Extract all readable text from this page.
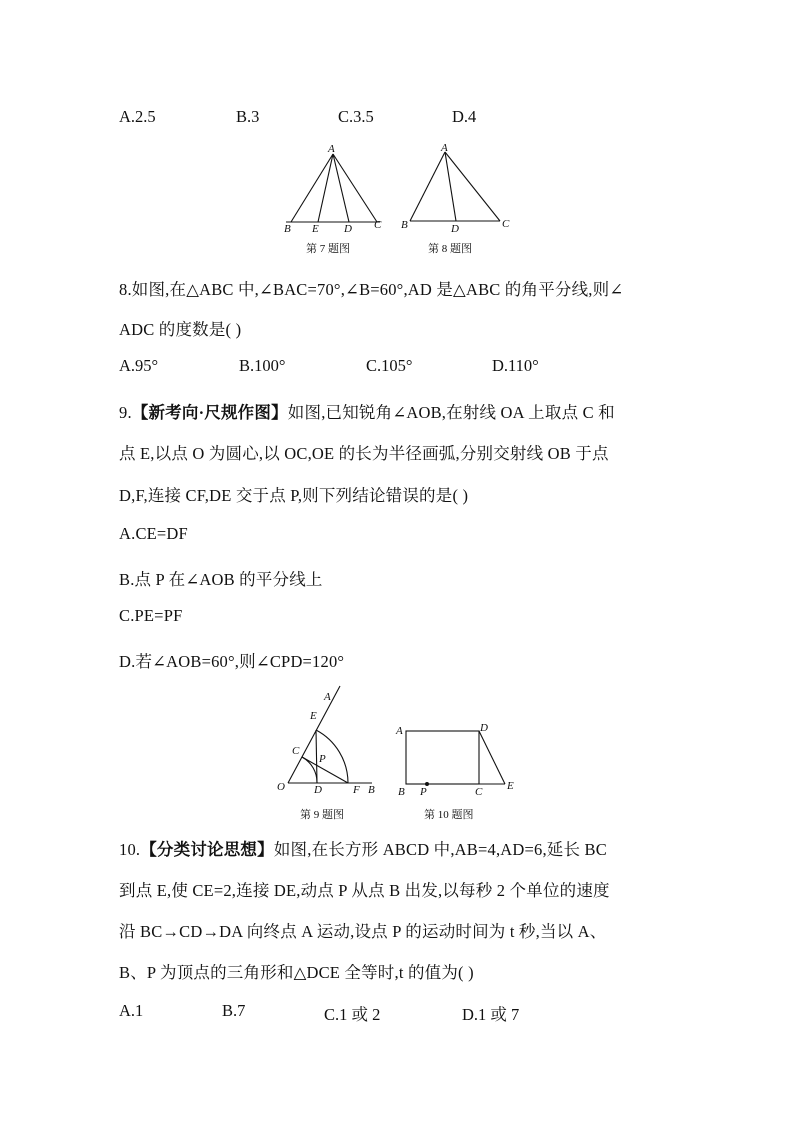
A.2.5	B.3	C.3.5	D.4
A
B E D C
第 7 题图
A
B	D	C
第 8 题图
8.如图,在△ABC 中,∠BAC=70°,∠B=60°,AD 是△ABC 的角平分线,则∠
ADC 的度数是( )
A.95°	B.100°	C.105°	D.110°
9.【新考向·尺规作图】如图,已知锐角∠AOB,在射线 OA 上取点 C 和
点 E,以点 O 为圆心,以 OC,OE 的长为半径画弧,分别交射线 OB 于点
D,F,连接 CF,DE 交于点 P,则下列结论错误的是( )
A.CE=DF
B.点 P 在∠AOB 的平分线上
C.PE=PF
D.若∠AOB=60°,则∠CPD=120°
A
E
C
P
O	D	F B
第 9 题图
A	D
B P	C E
第 10 题图
10.【分类讨论思想】如图,在长方形 ABCD 中,AB=4,AD=6,延长 BC
到点 E,使 CE=2,连接 DE,动点 P 从点 B 出发,以每秒 2 个单位的速度
沿 BC→CD→DA 向终点 A 运动,设点 P 的运动时间为 t 秒,当以 A、
B、P 为顶点的三角形和△DCE 全等时,t 的值为( )
A.1	B.7	C.1 或 2	D.1 或 7
